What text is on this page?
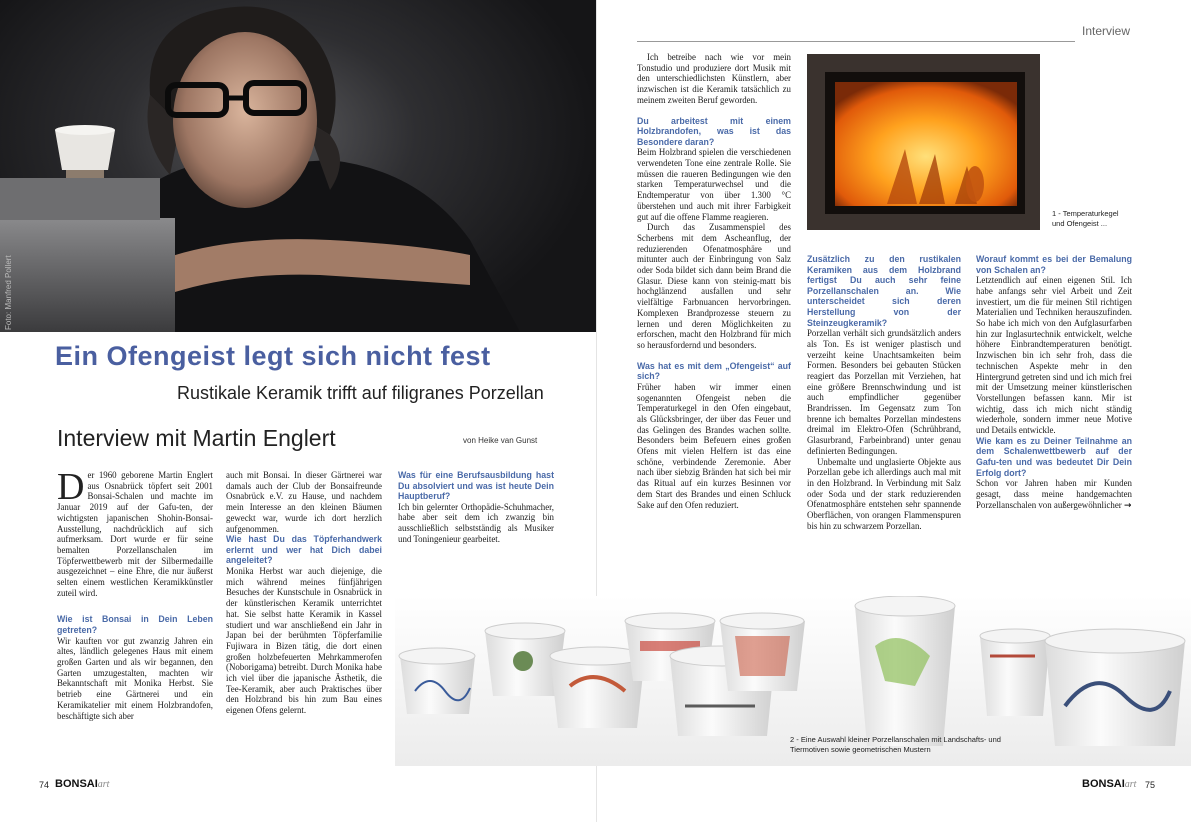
Foto: Manfred Pollert
Ein Ofengeist legt sich nicht fest
Rustikale Keramik trifft auf filigranes Porzellan
Interview mit Martin Englert	von Heike van Gunst

Der 1960 geborene Martin Englert aus Osnabrück töpfert seit 2001 Bonsai-Schalen und machte im Januar 2019 auf der Gafu-ten, der wichtigsten japanischen Shohin-Bonsai-Ausstellung, nachdrücklich auf sich aufmerksam. Dort wurde er für seine bemalten Porzellanschalen im Töpferwettbewerb mit der Silbermedaille ausgezeichnet – eine Ehre, die nur äußerst selten einem westlichen Keramikkünstler zuteil wird.

Wie ist Bonsai in Dein Leben getreten?

Wir kauften vor gut zwanzig Jahren ein altes, ländlich gelegenes Haus mit einem großen Garten und als wir begannen, den Garten umzugestalten, machten wir Bekanntschaft mit Monika Herbst. Sie betrieb eine Gärtnerei und ein Keramikatelier mit einem Holzbrandofen, beschäftigte sich aber

auch mit Bonsai. In dieser Gärtnerei war damals auch der Club der Bonsaifreunde Osnabrück e.V. zu Hause, und nachdem mein Interesse an den kleinen Bäumen geweckt war, wurde ich dort herzlich aufgenommen.

Wie hast Du das Töpferhandwerk erlernt und wer hat Dich dabei angeleitet?

Monika Herbst war auch diejenige, die mich während meines fünfjährigen Besuches der Kunstschule in Osnabrück in der künstlerischen Keramik unterrichtet hat. Sie selbst hatte Keramik in Kassel studiert und war anschließend ein Jahr in Japan bei der berühmten Töpferfamilie Fujiwara in Bizen tätig, die dort einen großen holzbefeuerten Mehrkammerofen (Noborigama) betreibt. Durch Monika habe ich viel über die japanische Ästhetik, die Tee-Keramik, aber auch Praktisches über den Holzbrand bis hin zum Bau eines eigenen Ofens gelernt.

Was für eine Berufsausbildung hast Du absolviert und was ist heute Dein Hauptberuf?

Ich bin gelernter Orthopädie-Schuhmacher, habe aber seit dem ich zwanzig bin ausschließlich selbstständig als Musiker und Toningenieur gearbeitet.

Interview
1 - Temperaturkegel und Ofengeist ...

Ich betreibe nach wie vor mein Tonstudio und produziere dort Musik mit den unterschiedlichsten Künstlern, aber inzwischen ist die Keramik tatsächlich zu meinem zweiten Beruf geworden.

Du arbeitest mit einem Holzbrandofen, was ist das Besondere daran?

Beim Holzbrand spielen die verschiedenen verwendeten Tone eine zentrale Rolle. Sie müssen die raueren Bedingungen wie den starken Temperaturwechsel und die Endtemperatur von über 1.300 °C überstehen und auch mit ihrer Farbigkeit gut auf die offene Flamme reagieren.

Durch das Zusammenspiel des Scherbens mit dem Ascheanflug, der reduzierenden Ofenatmosphäre und mitunter auch der Einbringung von Salz oder Soda bildet sich dann beim Brand die Glasur. Diese kann von steinig-matt bis hochglänzend ausfallen und sehr vielfältige Farbnuancen hervorbringen. Komplexen Brandprozesse steuern zu lernen und deren Möglichkeiten zu erforschen, macht den Holzbrand für mich so herausfordernd und besonders.

Was hat es mit dem „Ofengeist“ auf sich?

Früher haben wir immer einen sogenannten Ofengeist neben die Temperaturkegel in den Ofen eingebaut, als Glücksbringer, der über das Feuer und das Gelingen des Brandes wachen sollte. Besonders beim Befeuern eines großen Ofens mit vielen Helfern ist das eine schöne, verbindende Zeremonie. Aber nach über siebzig Bränden hat sich bei mir das Ritual auf ein kurzes Besinnen vor dem Start des Brandes und einen Schluck Sake auf den Ofen reduziert.

Zusätzlich zu den rustikalen Keramiken aus dem Holzbrand fertigst Du auch sehr feine Porzellanschalen an. Wie unterscheidet sich deren Herstellung von der Steinzeugkeramik?

Porzellan verhält sich grundsätzlich anders als Ton. Es ist weniger plastisch und verzeiht keine Unachtsamkeiten beim Formen. Besonders bei gebauten Stücken reagiert das Porzellan mit Verziehen, hat eine größere Brennschwindung und ist auch empfindlicher gegenüber Brandrissen. Im Gegensatz zum Ton brenne ich bemaltes Porzellan mindestens dreimal im Elektro-Ofen (Schrühbrand, Glasurbrand, Farbeinbrand) unter genau definierten Bedingungen.

Unbemalte und unglasierte Objekte aus Porzellan gebe ich allerdings auch mal mit in den Holzbrand. In Verbindung mit Salz oder Soda und der stark reduzierenden Ofenatmosphäre entstehen sehr spannende Oberflächen, von orangen Flammenspuren bis hin zu schwarzem Porzellan.

Worauf kommt es bei der Bemalung von Schalen an?

Letztendlich auf einen eigenen Stil. Ich habe anfangs sehr viel Arbeit und Zeit investiert, um die für meinen Stil richtigen Materialien und Techniken herauszufinden. So habe ich mich von den Aufglasurfarben hin zur Inglasurtechnik entwickelt, welche höhere Einbrandtemperaturen benötigt. Inzwischen bin ich sehr froh, dass die technischen Aspekte mehr in den Hintergrund getreten sind und ich mich frei mit der Umsetzung meiner künstlerischen Vorstellungen befassen kann. Mir ist wichtig, dass ich mich nicht ständig wiederhole, sondern immer neue Motive und Details entwickle.

Wie kam es zu Deiner Teilnahme an dem Schalenwettbewerb auf der Gafu-ten und was bedeutet Dir Dein Erfolg dort?

Schon vor Jahren haben mir Kunden gesagt, dass meine handgemachten Porzellanschalen von außergewöhnlicher →

2 - Eine Auswahl kleiner Porzellanschalen mit Landschafts- und Tiermotiven sowie geometrischen Mustern
74 BONSAIart	BONSAIart 75
